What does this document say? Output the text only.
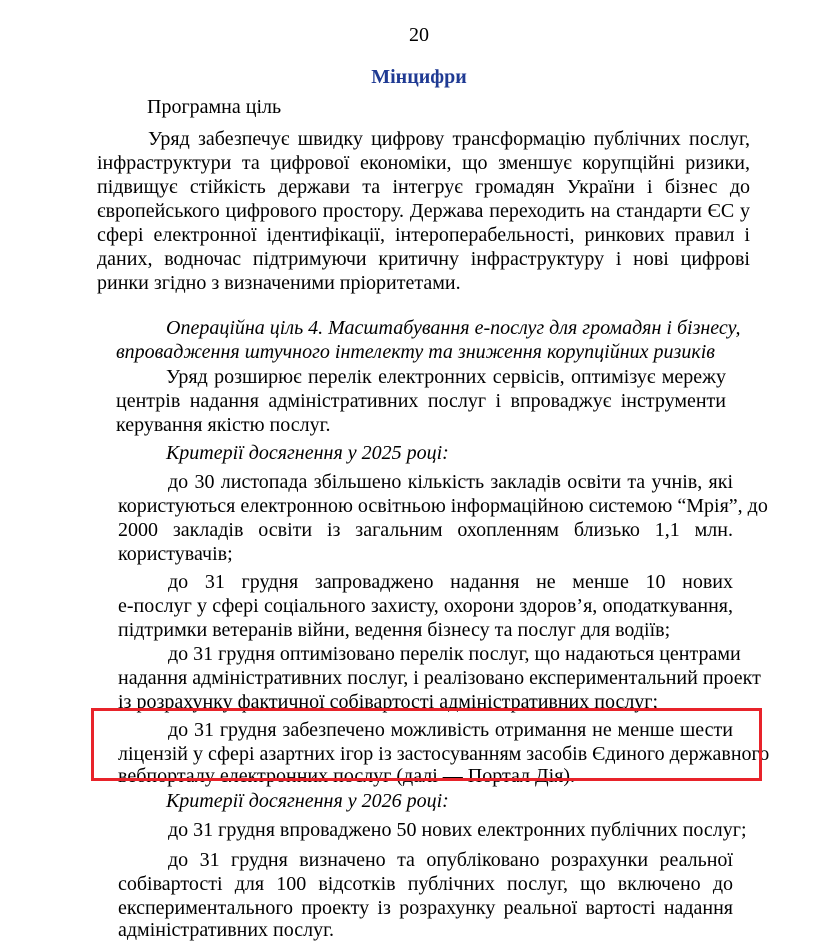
20
Мінцифри
Програмна ціль
Уряд забезпечує швидку цифрову трансформацію публічних послуг,
інфраструктури та цифрової економіки, що зменшує корупційні ризики,
підвищує стійкість держави та інтегрує громадян України і бізнес до
європейського цифрового простору. Держава переходить на стандарти ЄС у
сфері електронної ідентифікації, інтероперабельності, ринкових правил і
даних, водночас підтримуючи критичну інфраструктуру і нові цифрові
ринки згідно з визначеними пріоритетами.
Операційна ціль 4. Масштабування е-послуг для громадян і бізнесу,
впровадження штучного інтелекту та зниження корупційних ризиків
Уряд розширює перелік електронних сервісів, оптимізує мережу
центрів надання адміністративних послуг і впроваджує інструменти
керування якістю послуг.
Критерії досягнення у 2025 році:
до 30 листопада збільшено кількість закладів освіти та учнів, які
користуються електронною освітньою інформаційною системою “Мрія”, до
2000 закладів освіти із загальним охопленням близько 1,1 млн.
користувачів;
до 31 грудня запроваджено надання не менше 10 нових
е-послуг у сфері соціального захисту, охорони здоров’я, оподаткування,
підтримки ветеранів війни, ведення бізнесу та послуг для водіїв;
до 31 грудня оптимізовано перелік послуг, що надаються центрами
надання адміністративних послуг, і реалізовано експериментальний проект
із розрахунку фактичної собівартості адміністративних послуг;
до 31 грудня забезпечено можливість отримання не менше шести
ліцензій у сфері азартних ігор із застосуванням засобів Єдиного державного
вебпорталу електронних послуг (далі — Портал Дія).
Критерії досягнення у 2026 році:
до 31 грудня впроваджено 50 нових електронних публічних послуг;
до 31 грудня визначено та опубліковано розрахунки реальної
собівартості для 100 відсотків публічних послуг, що включено до
експериментального проекту із розрахунку реальної вартості надання
адміністративних послуг.
